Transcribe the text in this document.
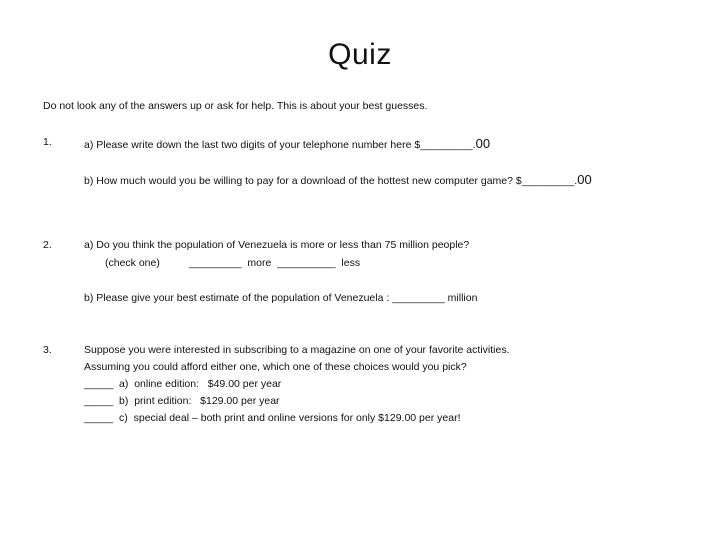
Quiz
Do not look any of the answers up or ask for help. This is about your best guesses.
1.	a) Please write down the last two digits of your telephone number here $_________.00
b) How much would you be willing to pay for a download of the hottest new computer game? $_________.00
2.	a) Do you think the population of Venezuela is more or less than 75 million people?
(check one)          _________  more  __________  less
b) Please give your best estimate of the population of Venezuela : _________ million
3.	Suppose you were interested in subscribing to a magazine on one of your favorite activities.
Assuming you could afford either one, which one of these choices would you pick?
_____  a)  online edition:   $49.00 per year
_____  b)  print edition:   $129.00 per year
_____  c)  special deal – both print and online versions for only $129.00 per year!
